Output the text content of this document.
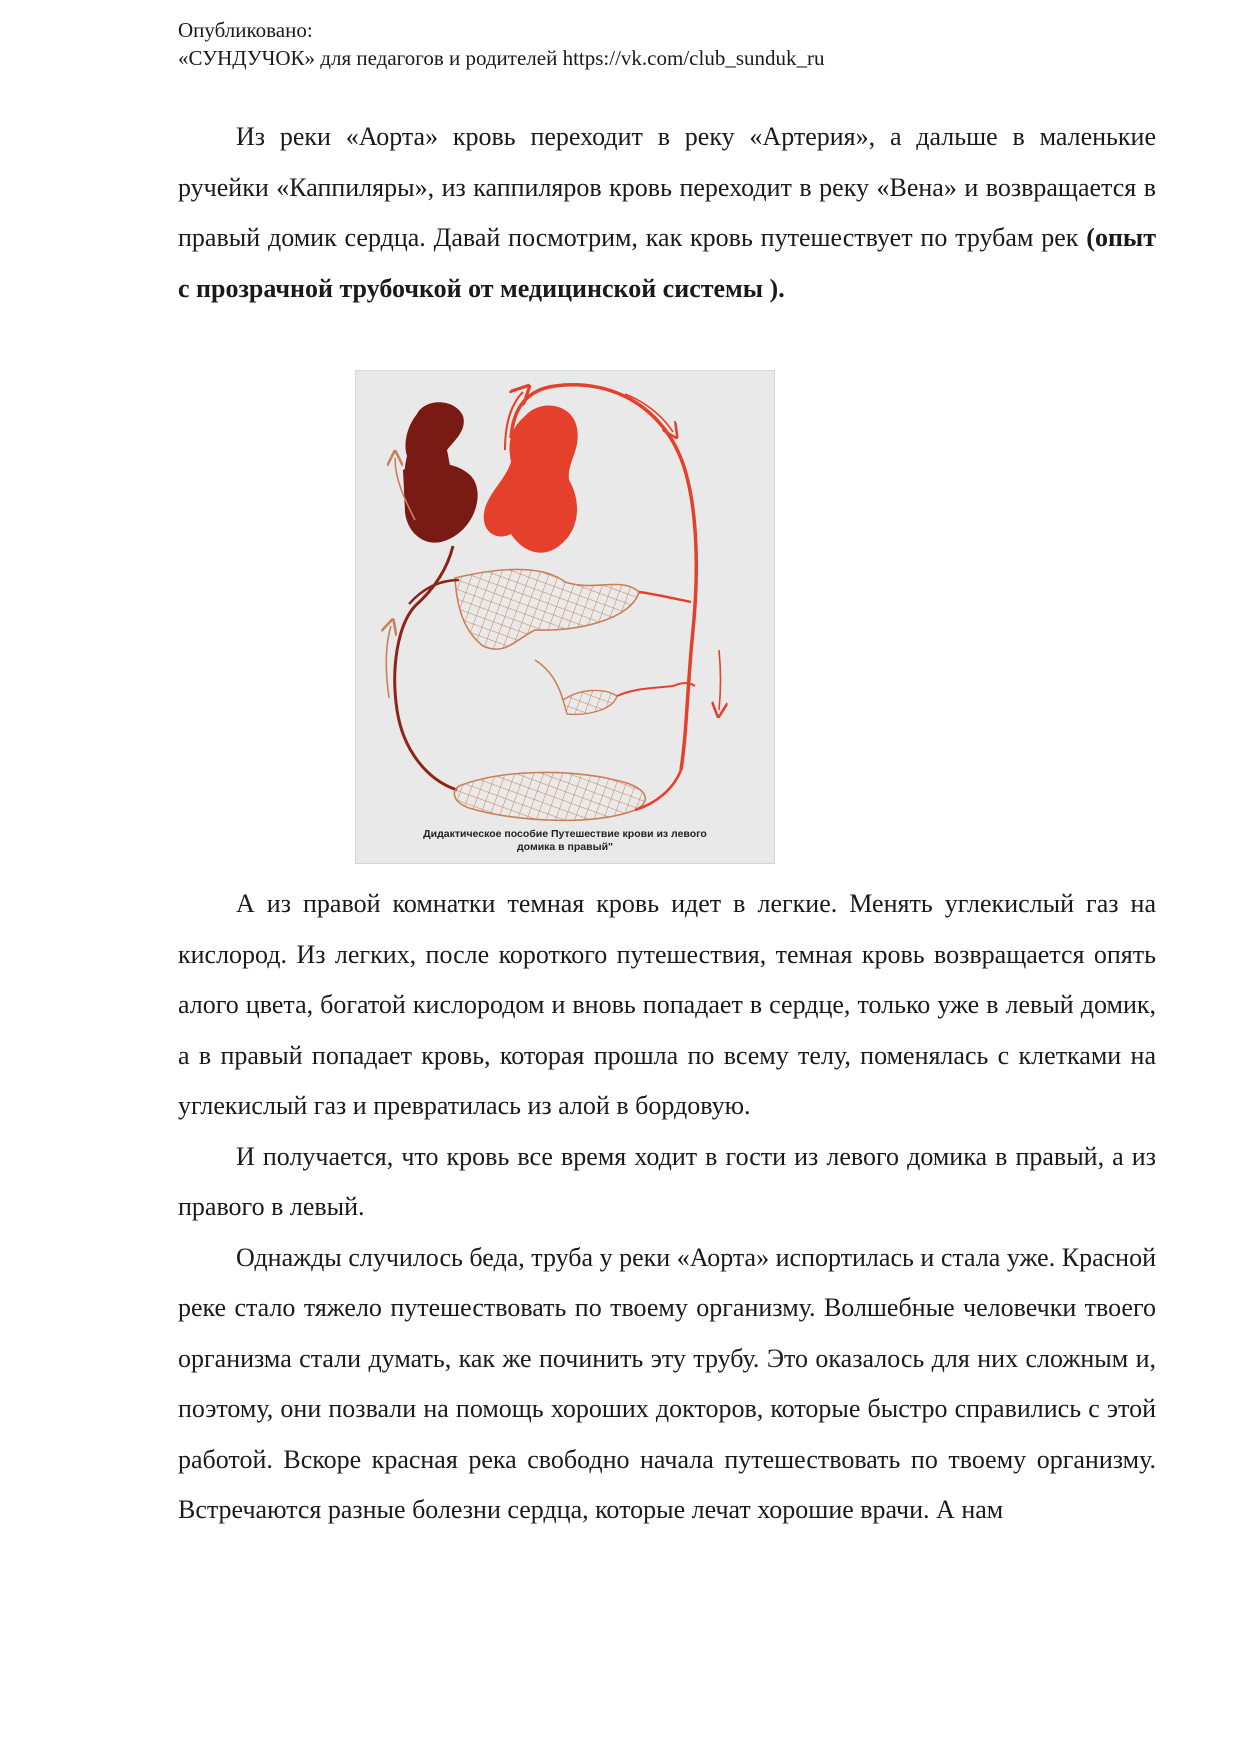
Опубликовано:
«СУНДУЧОК» для педагогов и родителей https://vk.com/club_sunduk_ru

Из реки «Аорта» кровь переходит в реку «Артерия», а дальше в маленькие ручейки «Каппиляры», из каппиляров кровь переходит в реку «Вена» и возвращается в правый домик сердца. Давай посмотрим, как кровь путешествует по трубам рек (опыт с прозрачной трубочкой от медицинской системы ).

Дидактическое пособие Путешествие крови из левого
домика в правый"

А из правой комнатки темная кровь идет в легкие. Менять углекислый газ на кислород. Из легких, после короткого путешествия, темная кровь возвращается опять алого цвета, богатой кислородом и вновь попадает в сердце, только уже в левый домик, а в правый попадает кровь, которая прошла по всему телу, поменялась с клетками на углекислый газ и превратилась из алой в бордовую.

И получается, что кровь все время ходит в гости из левого домика в правый, а из правого в левый.

Однажды случилось беда, труба у реки «Аорта» испортилась и стала уже. Красной реке стало тяжело путешествовать по твоему организму. Волшебные человечки твоего организма стали думать, как же починить эту трубу. Это оказалось для них сложным и, поэтому, они позвали на помощь хороших докторов, которые быстро справились с этой работой. Вскоре красная река свободно начала путешествовать по твоему организму. Встречаются разные болезни сердца, которые лечат хорошие врачи. А нам
